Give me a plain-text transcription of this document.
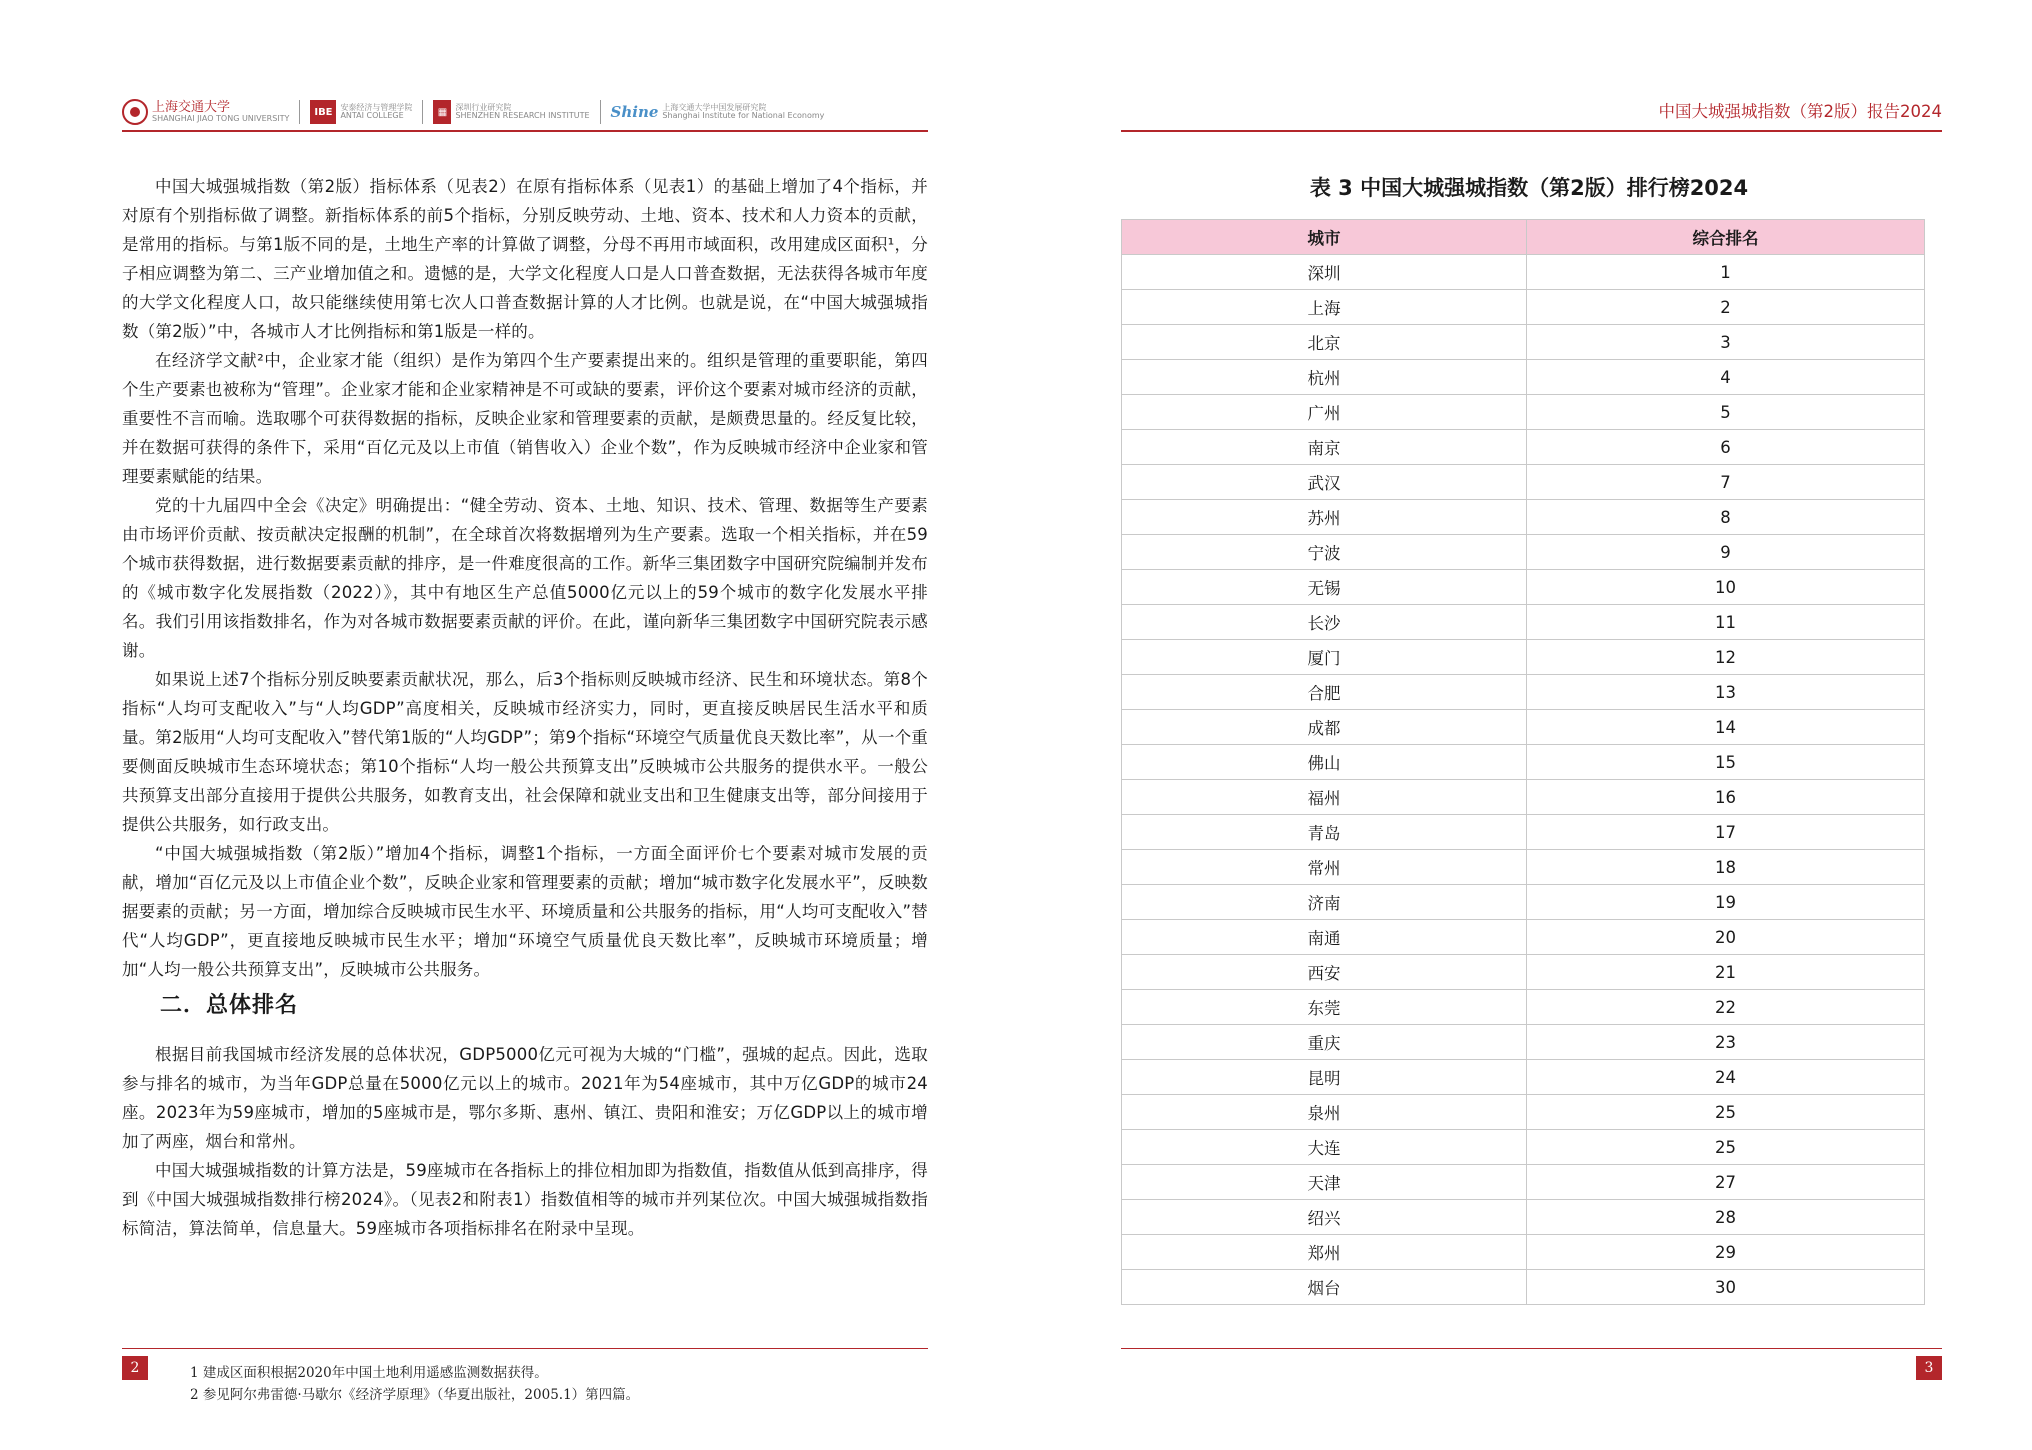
上海交通大学
SHANGHAI JIAO TONG UNIVERSITY
IBE 安泰经济与管理学院
ANTAI COLLEGE	▦	深圳行业研究院
SHENZHEN RESEARCH INSTITUTE Shine 上海交通大学中国发展研究院
Shanghai Institute for National Economy

中国大城强城指数（第2版）指标体系（见表2）在原有指标体系（见表1）的基础上增加了4个指标，并对原有个别指标做了调整。新指标体系的前5个指标，分别反映劳动、土地、资本、技术和人力资本的贡献，是常用的指标。与第1版不同的是，土地生产率的计算做了调整，分母不再用市域面积，改用建成区面积¹，分子相应调整为第二、三产业增加值之和。遗憾的是，大学文化程度人口是人口普查数据，无法获得各城市年度的大学文化程度人口，故只能继续使用第七次人口普查数据计算的人才比例。也就是说，在“中国大城强城指数（第2版）”中，各城市人才比例指标和第1版是一样的。

在经济学文献²中，企业家才能（组织）是作为第四个生产要素提出来的。组织是管理的重要职能，第四个生产要素也被称为“管理”。企业家才能和企业家精神是不可或缺的要素，评价这个要素对城市经济的贡献，重要性不言而喻。选取哪个可获得数据的指标，反映企业家和管理要素的贡献，是颇费思量的。经反复比较，并在数据可获得的条件下，采用“百亿元及以上市值（销售收入）企业个数”，作为反映城市经济中企业家和管理要素赋能的结果。

党的十九届四中全会《决定》明确提出：“健全劳动、资本、土地、知识、技术、管理、数据等生产要素由市场评价贡献、按贡献决定报酬的机制”，在全球首次将数据增列为生产要素。选取一个相关指标，并在59个城市获得数据，进行数据要素贡献的排序，是一件难度很高的工作。新华三集团数字中国研究院编制并发布的《城市数字化发展指数（2022）》，其中有地区生产总值5000亿元以上的59个城市的数字化发展水平排名。我们引用该指数排名，作为对各城市数据要素贡献的评价。在此，谨向新华三集团数字中国研究院表示感谢。

如果说上述7个指标分别反映要素贡献状况，那么，后3个指标则反映城市经济、民生和环境状态。第8个指标“人均可支配收入”与“人均GDP”高度相关，反映城市经济实力，同时，更直接反映居民生活水平和质量。第2版用“人均可支配收入”替代第1版的“人均GDP”；第9个指标“环境空气质量优良天数比率”，从一个重要侧面反映城市生态环境状态；第10个指标“人均一般公共预算支出”反映城市公共服务的提供水平。一般公共预算支出部分直接用于提供公共服务，如教育支出，社会保障和就业支出和卫生健康支出等，部分间接用于提供公共服务，如行政支出。

“中国大城强城指数（第2版）”增加4个指标，调整1个指标，一方面全面评价七个要素对城市发展的贡献，增加“百亿元及以上市值企业个数”，反映企业家和管理要素的贡献；增加“城市数字化发展水平”，反映数据要素的贡献；另一方面，增加综合反映城市民生水平、环境质量和公共服务的指标，用“人均可支配收入”替代“人均GDP”，更直接地反映城市民生水平；增加“环境空气质量优良天数比率”，反映城市环境质量；增加“人均一般公共预算支出”，反映城市公共服务。

二．总体排名

根据目前我国城市经济发展的总体状况，GDP5000亿元可视为大城的“门槛”，强城的起点。因此，选取参与排名的城市，为当年GDP总量在5000亿元以上的城市。2021年为54座城市，其中万亿GDP的城市24座。2023年为59座城市，增加的5座城市是，鄂尔多斯、惠州、镇江、贵阳和淮安；万亿GDP以上的城市增加了两座，烟台和常州。

中国大城强城指数的计算方法是，59座城市在各指标上的排位相加即为指数值，指数值从低到高排序，得到《中国大城强城指数排行榜2024》。（见表2和附表1）指数值相等的城市并列某位次。中国大城强城指数指标简洁，算法简单，信息量大。59座城市各项指标排名在附录中呈现。

2	1 建成区面积根据2020年中国土地利用遥感监测数据获得。
2 参见阿尔弗雷德·马歇尔《经济学原理》（华夏出版社，2005.1）第四篇。
中国大城强城指数（第2版）报告2024
表 3 中国大城强城指数（第2版）排行榜2024
城市	综合排名
深圳	1
上海	2
北京	3
杭州	4
广州	5
南京	6
武汉	7
苏州	8
宁波	9
无锡	10
长沙	11
厦门	12
合肥	13
成都	14
佛山	15
福州	16
青岛	17
常州	18
济南	19
南通	20
西安	21
东莞	22
重庆	23
昆明	24
泉州	25
大连	25
天津	27
绍兴	28
郑州	29
烟台	30
3
